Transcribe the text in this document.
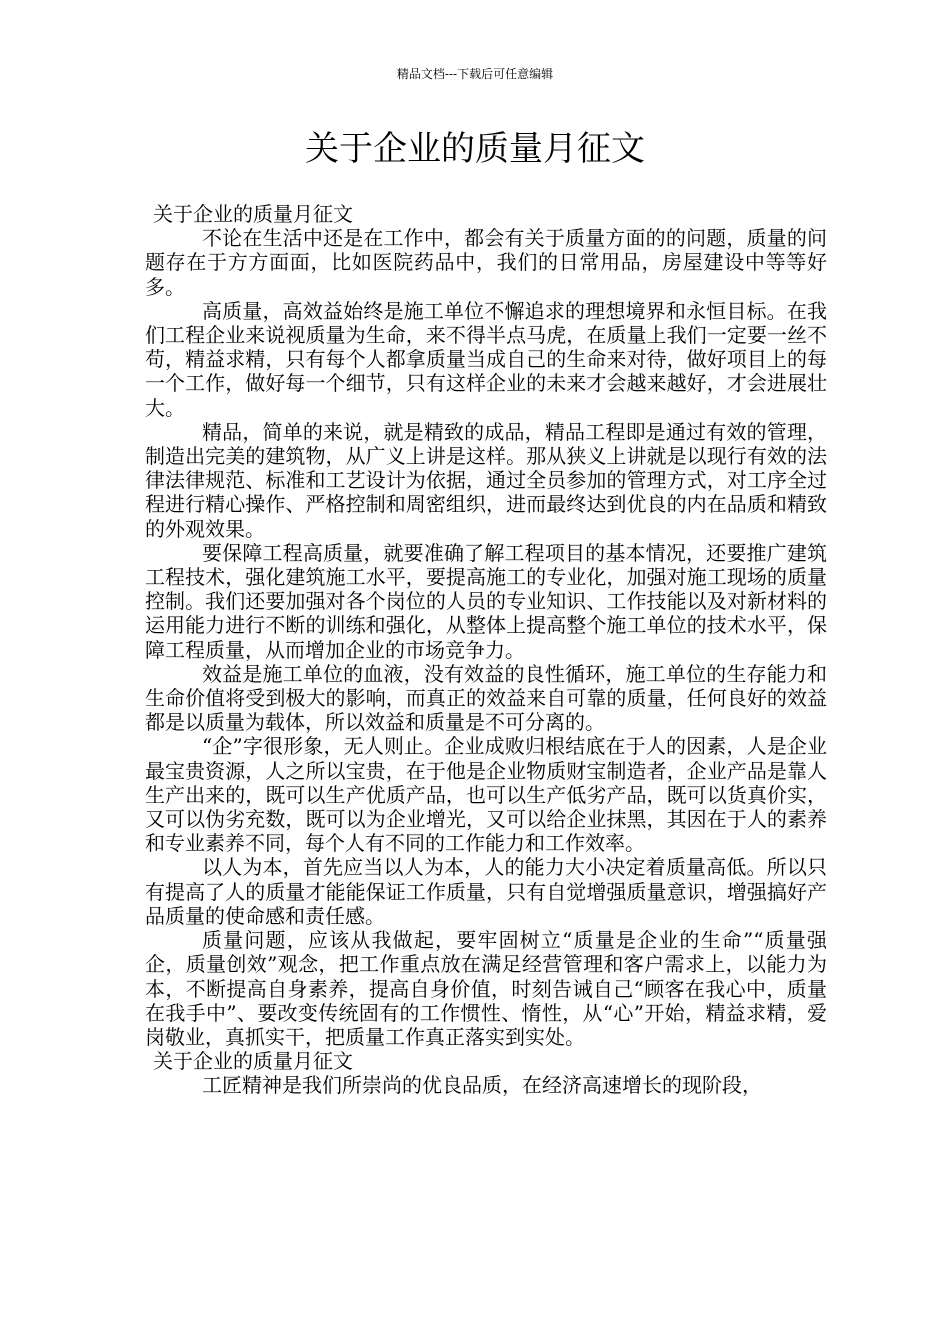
精品文档---下载后可任意编辑
关于企业的质量月征文

关于企业的质量月征文

不论在生活中还是在工作中，都会有关于质量方面的的问题，质量的问题存在于方方面面，比如医院药品中，我们的日常用品，房屋建设中等等好多。

高质量，高效益始终是施工单位不懈追求的理想境界和永恒目标。在我们工程企业来说视质量为生命，来不得半点马虎，在质量上我们一定要一丝不苟，精益求精，只有每个人都拿质量当成自己的生命来对待，做好项目上的每一个工作，做好每一个细节，只有这样企业的未来才会越来越好，才会进展壮大。

精品，简单的来说，就是精致的成品，精品工程即是通过有效的管理，制造出完美的建筑物，从广义上讲是这样。那从狭义上讲就是以现行有效的法律法律规范、标准和工艺设计为依据，通过全员参加的管理方式，对工序全过程进行精心操作、严格控制和周密组织，进而最终达到优良的内在品质和精致的外观效果。

要保障工程高质量，就要准确了解工程项目的基本情况，还要推广建筑工程技术，强化建筑施工水平，要提高施工的专业化，加强对施工现场的质量控制。我们还要加强对各个岗位的人员的专业知识、工作技能以及对新材料的运用能力进行不断的训练和强化，从整体上提高整个施工单位的技术水平，保障工程质量，从而增加企业的市场竞争力。

效益是施工单位的血液，没有效益的良性循环，施工单位的生存能力和生命价值将受到极大的影响，而真正的效益来自可靠的质量，任何良好的效益都是以质量为载体，所以效益和质量是不可分离的。

“企”字很形象，无人则止。企业成败归根结底在于人的因素，人是企业最宝贵资源，人之所以宝贵，在于他是企业物质财宝制造者，企业产品是靠人生产出来的，既可以生产优质产品，也可以生产低劣产品，既可以货真价实，又可以伪劣充数，既可以为企业增光，又可以给企业抹黑，其因在于人的素养和专业素养不同，每个人有不同的工作能力和工作效率。

以人为本，首先应当以人为本，人的能力大小决定着质量高低。所以只有提高了人的质量才能能保证工作质量，只有自觉增强质量意识，增强搞好产品质量的使命感和责任感。

质量问题，应该从我做起，要牢固树立“质量是企业的生命”“质量强企，质量创效”观念，把工作重点放在满足经营管理和客户需求上，以能力为本，不断提高自身素养，提高自身价值，时刻告诫自己“顾客在我心中，质量在我手中”、要改变传统固有的工作惯性、惰性，从“心”开始，精益求精，爱岗敬业，真抓实干，把质量工作真正落实到实处。

关于企业的质量月征文

工匠精神是我们所崇尚的优良品质，在经济高速增长的现阶段，
